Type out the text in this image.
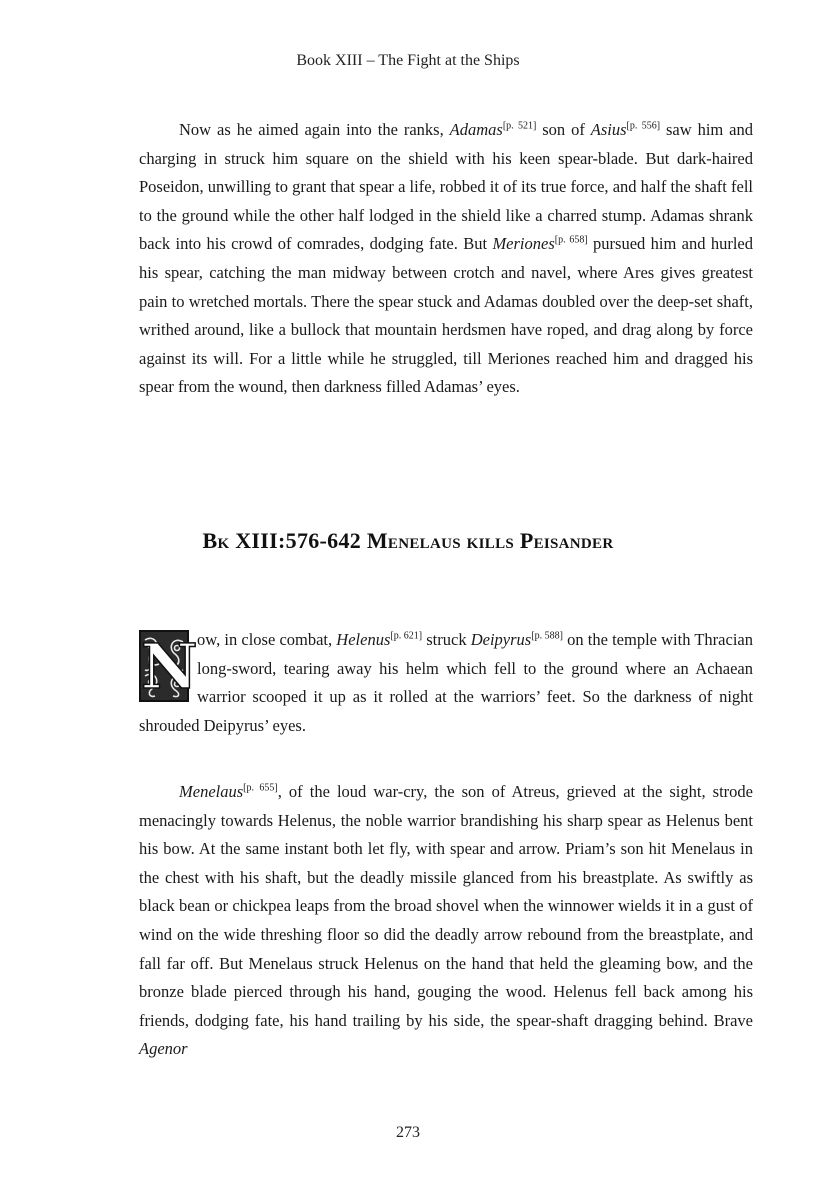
Book XIII – The Fight at the Ships

Now as he aimed again into the ranks, Adamas[p. 521] son of Asius[p. 556] saw him and charging in struck him square on the shield with his keen spear-blade. But dark-haired Poseidon, unwilling to grant that spear a life, robbed it of its true force, and half the shaft fell to the ground while the other half lodged in the shield like a charred stump. Adamas shrank back into his crowd of comrades, dodging fate. But Meriones[p. 658] pursued him and hurled his spear, catching the man midway between crotch and navel, where Ares gives greatest pain to wretched mortals. There the spear stuck and Adamas doubled over the deep-set shaft, writhed around, like a bullock that mountain herdsmen have roped, and drag along by force against its will. For a little while he struggled, till Meriones reached him and dragged his spear from the wound, then darkness filled Adamas’ eyes.

Bk XIII:576-642 Menelaus kills Peisander

N ow, in close combat, Helenus[p. 621] struck Deipyrus[p. 588] on the temple with Thracian long-sword, tearing away his helm which fell to the ground where an Achaean warrior scooped it up as it rolled at the warriors’ feet. So the darkness of night shrouded Deipyrus’ eyes.

Menelaus[p. 655], of the loud war-cry, the son of Atreus, grieved at the sight, strode menacingly towards Helenus, the noble warrior brandishing his sharp spear as Helenus bent his bow. At the same instant both let fly, with spear and arrow. Priam’s son hit Menelaus in the chest with his shaft, but the deadly missile glanced from his breastplate. As swiftly as black bean or chickpea leaps from the broad shovel when the winnower wields it in a gust of wind on the wide threshing floor so did the deadly arrow rebound from the breastplate, and fall far off. But Menelaus struck Helenus on the hand that held the gleaming bow, and the bronze blade pierced through his hand, gouging the wood. Helenus fell back among his friends, dodging fate, his hand trailing by his side, the spear-shaft dragging behind. Brave Agenor

273
